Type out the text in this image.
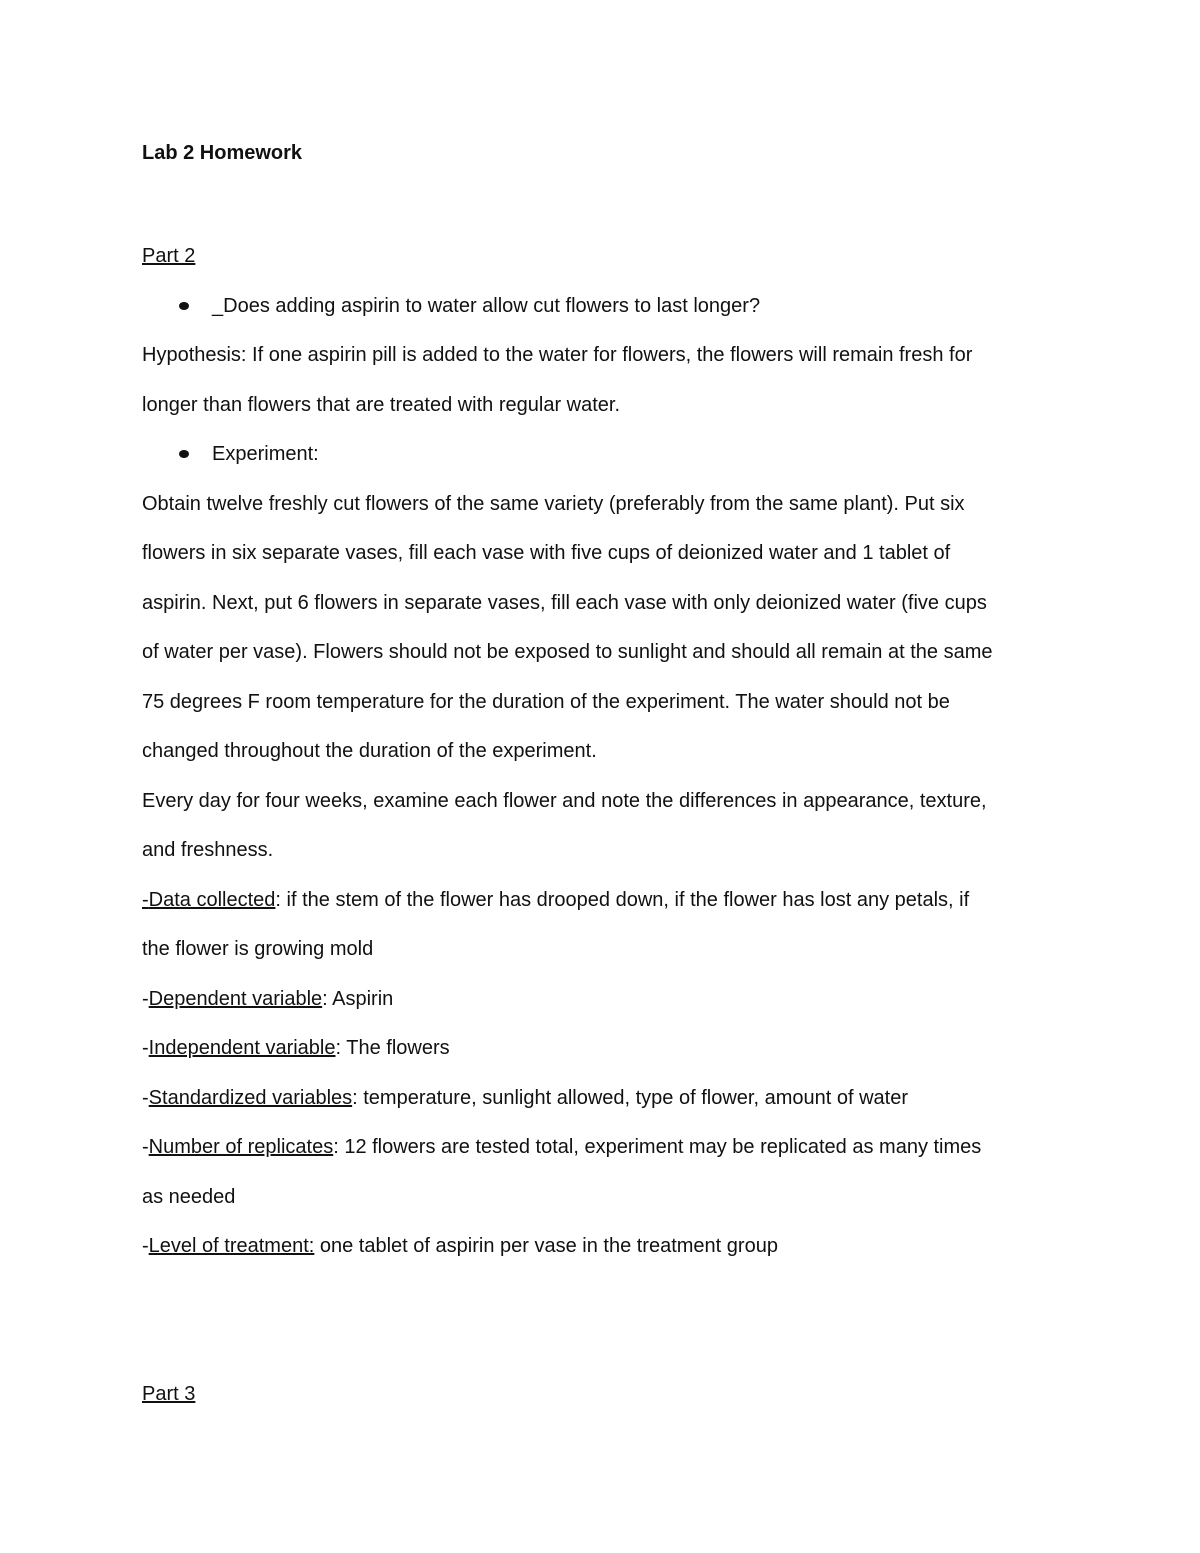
Lab 2 Homework

Part 2

_Does adding aspirin to water allow cut flowers to last longer?

Hypothesis: If one aspirin pill is added to the water for flowers, the flowers will remain fresh for

longer than flowers that are treated with regular water.

Experiment:

Obtain twelve freshly cut flowers of the same variety (preferably from the same plant). Put six

flowers in six separate vases, fill each vase with five cups of deionized water and 1 tablet of

aspirin. Next, put 6 flowers in separate vases, fill each vase with only deionized water (five cups

of water per vase). Flowers should not be exposed to sunlight and should all remain at the same

75 degrees F room temperature for the duration of the experiment. The water should not be

changed throughout the duration of the experiment.

Every day for four weeks, examine each flower and note the differences in appearance, texture,

and freshness.

-Data collected: if the stem of the flower has drooped down, if the flower has lost any petals, if

the flower is growing mold

-Dependent variable: Aspirin

-Independent variable: The flowers

-Standardized variables: temperature, sunlight allowed, type of flower, amount of water

-Number of replicates: 12 flowers are tested total, experiment may be replicated as many times

as needed

-Level of treatment: one tablet of aspirin per vase in the treatment group

Part 3
